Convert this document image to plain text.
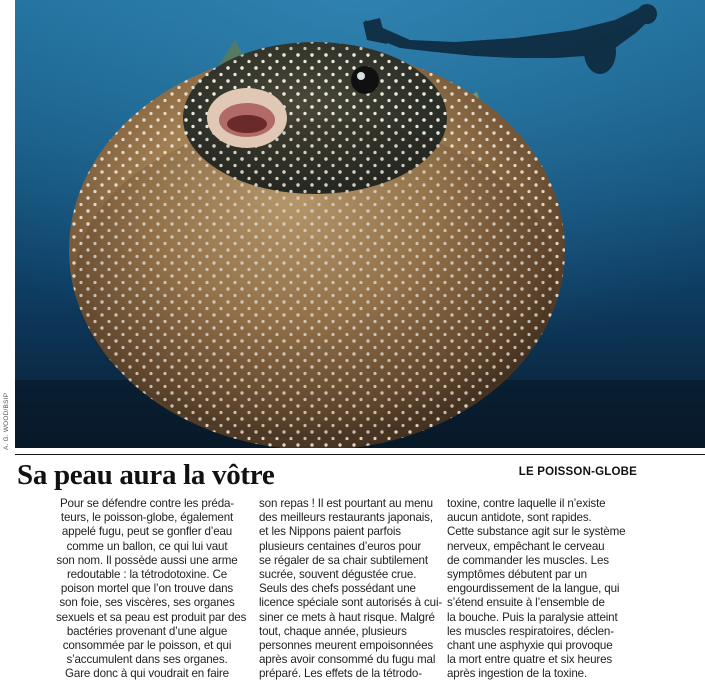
A. G. WOOD/BSIP
Sa peau aura la vôtre	LE POISSON-GLOBE
Pour se défendre contre les préda-
teurs, le poisson-globe, également
appelé fugu, peut se gonfler d’eau
comme un ballon, ce qui lui vaut
son nom. Il possède aussi une arme
redoutable : la tétrodotoxine. Ce
poison mortel que l’on trouve dans
son foie, ses viscères, ses organes
sexuels et sa peau est produit par des
bactéries provenant d’une algue
consommée par le poisson, et qui
s’accumulent dans ses organes.
Gare donc à qui voudrait en faire
son repas ! Il est pourtant au menu
des meilleurs restaurants japonais,
et les Nippons paient parfois
plusieurs centaines d’euros pour
se régaler de sa chair subtilement
sucrée, souvent dégustée crue.
Seuls des chefs possédant une
licence spéciale sont autorisés à cui-
siner ce mets à haut risque. Malgré
tout, chaque année, plusieurs
personnes meurent empoisonnées
après avoir consommé du fugu mal
préparé. Les effets de la tétrodo-
toxine, contre laquelle il n’existe
aucun antidote, sont rapides.
Cette substance agit sur le système
nerveux, empêchant le cerveau
de commander les muscles. Les
symptômes débutent par un
engourdissement de la langue, qui
s’étend ensuite à l’ensemble de
la bouche. Puis la paralysie atteint
les muscles respiratoires, déclen-
chant une asphyxie qui provoque
la mort entre quatre et six heures
après ingestion de la toxine.
